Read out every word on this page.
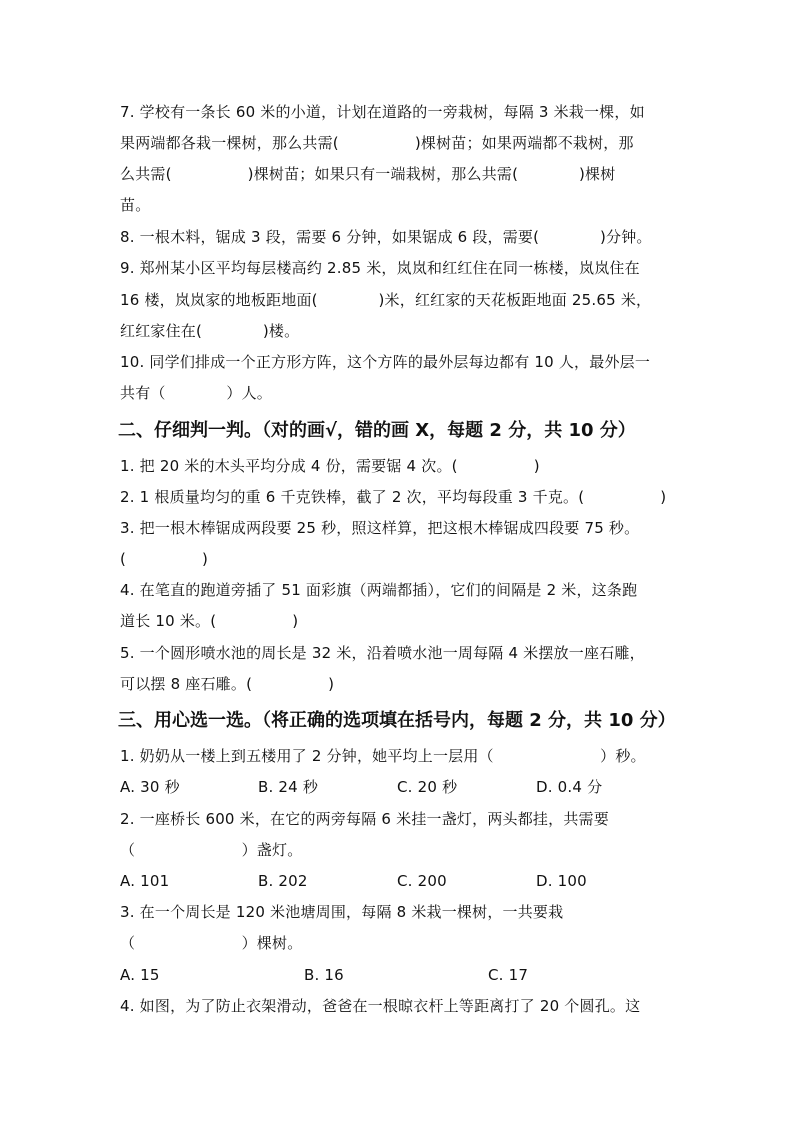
7. 学校有一条长 60 米的小道，计划在道路的一旁栽树，每隔 3 米栽一棵，如
果两端都各栽一棵树，那么共需(　　　　　)棵树苗；如果两端都不栽树，那
么共需(　　　　　)棵树苗；如果只有一端栽树，那么共需(　　　　)棵树
苗。
8. 一根木料，锯成 3 段，需要 6 分钟，如果锯成 6 段，需要(　　　　)分钟。
9. 郑州某小区平均每层楼高约 2.85 米，岚岚和红红住在同一栋楼，岚岚住在
16 楼，岚岚家的地板距地面(　　　　)米，红红家的天花板距地面 25.65 米，
红红家住在(　　　　)楼。
10. 同学们排成一个正方形方阵，这个方阵的最外层每边都有 10 人，最外层一
共有（　　　　）人。
二、仔细判一判。（对的画√，错的画 X，每题 2 分，共 10 分）
1. 把 20 米的木头平均分成 4 份，需要锯 4 次。(　　　　　)
2. 1 根质量均匀的重 6 千克铁棒，截了 2 次，平均每段重 3 千克。(　　　　　)
3. 把一根木棒锯成两段要 25 秒，照这样算，把这根木棒锯成四段要 75 秒。
(　　　　　)
4. 在笔直的跑道旁插了 51 面彩旗（两端都插），它们的间隔是 2 米，这条跑
道长 10 米。(　　　　　)
5. 一个圆形喷水池的周长是 32 米，沿着喷水池一周每隔 4 米摆放一座石雕，
可以摆 8 座石雕。(　　　　　)
三、用心选一选。（将正确的选项填在括号内，每题 2 分，共 10 分）
1. 奶奶从一楼上到五楼用了 2 分钟，她平均上一层用（　　　　　　　）秒。
A. 30 秒	B. 24 秒	C. 20 秒	D. 0.4 分
2. 一座桥长 600 米，在它的两旁每隔 6 米挂一盏灯，两头都挂，共需要
（　　　　　　　）盏灯。
A. 101	B. 202	C. 200	D. 100
3. 在一个周长是 120 米池塘周围，每隔 8 米栽一棵树，一共要栽
（　　　　　　　）棵树。
A. 15	B. 16	C. 17
4. 如图，为了防止衣架滑动，爸爸在一根晾衣杆上等距离打了 20 个圆孔。这
